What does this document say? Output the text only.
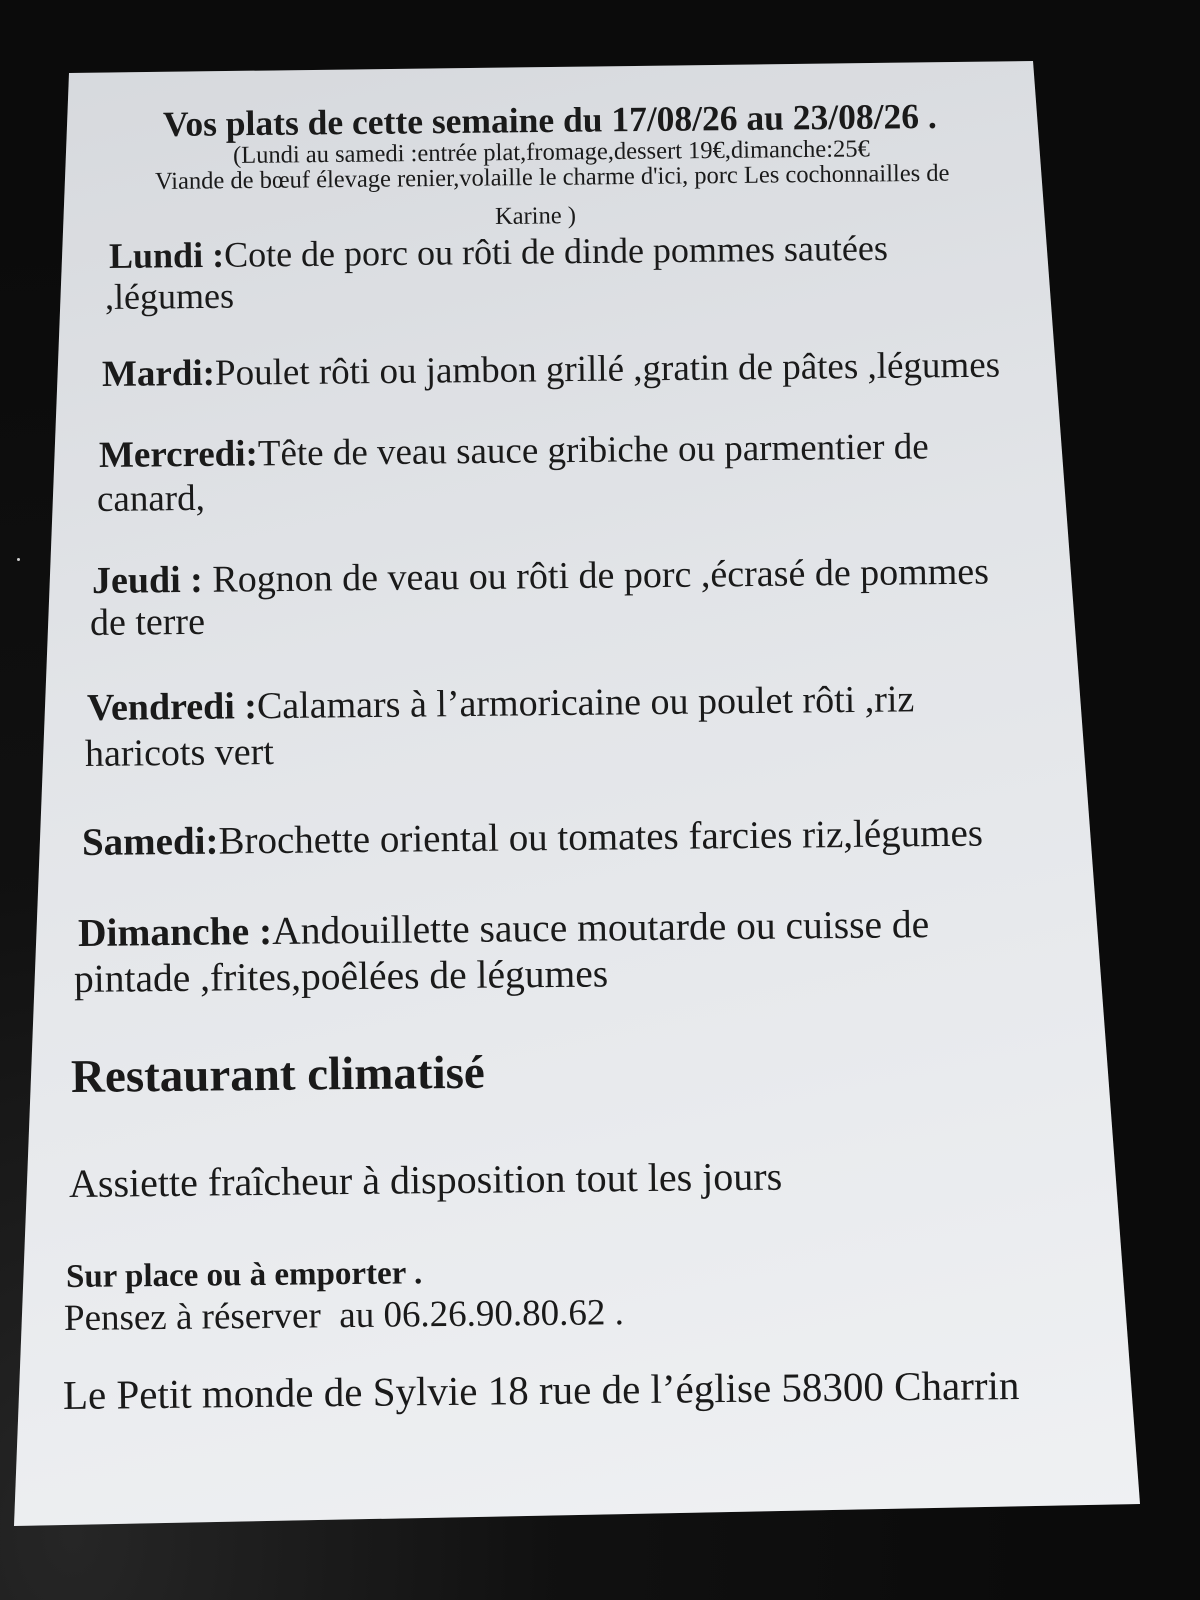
Vos plats de cette semaine du 17/08/26 au 23/08/26 .
(Lundi au samedi :entrée plat,fromage,dessert 19€,dimanche:25€
Viande de bœuf élevage renier,volaille le charme d'ici, porc Les cochonnailles de
Karine )
Lundi :Cote de porc ou rôti de dinde pommes sautées
,légumes
Mardi:Poulet rôti ou jambon grillé ,gratin de pâtes ,légumes
Mercredi:Tête de veau sauce gribiche ou parmentier de
canard,
Jeudi : Rognon de veau ou rôti de porc ,écrasé de pommes
de terre
Vendredi :Calamars à l’armoricaine ou poulet rôti ,riz
haricots vert
Samedi:Brochette oriental ou tomates farcies riz,légumes
Dimanche :Andouillette sauce moutarde ou cuisse de
pintade ,frites,poêlées de légumes
Restaurant climatisé
Assiette fraîcheur à disposition tout les jours
Sur place ou à emporter .
Pensez à réserver  au 06.26.90.80.62 .
Le Petit monde de Sylvie 18 rue de l’église 58300 Charrin
